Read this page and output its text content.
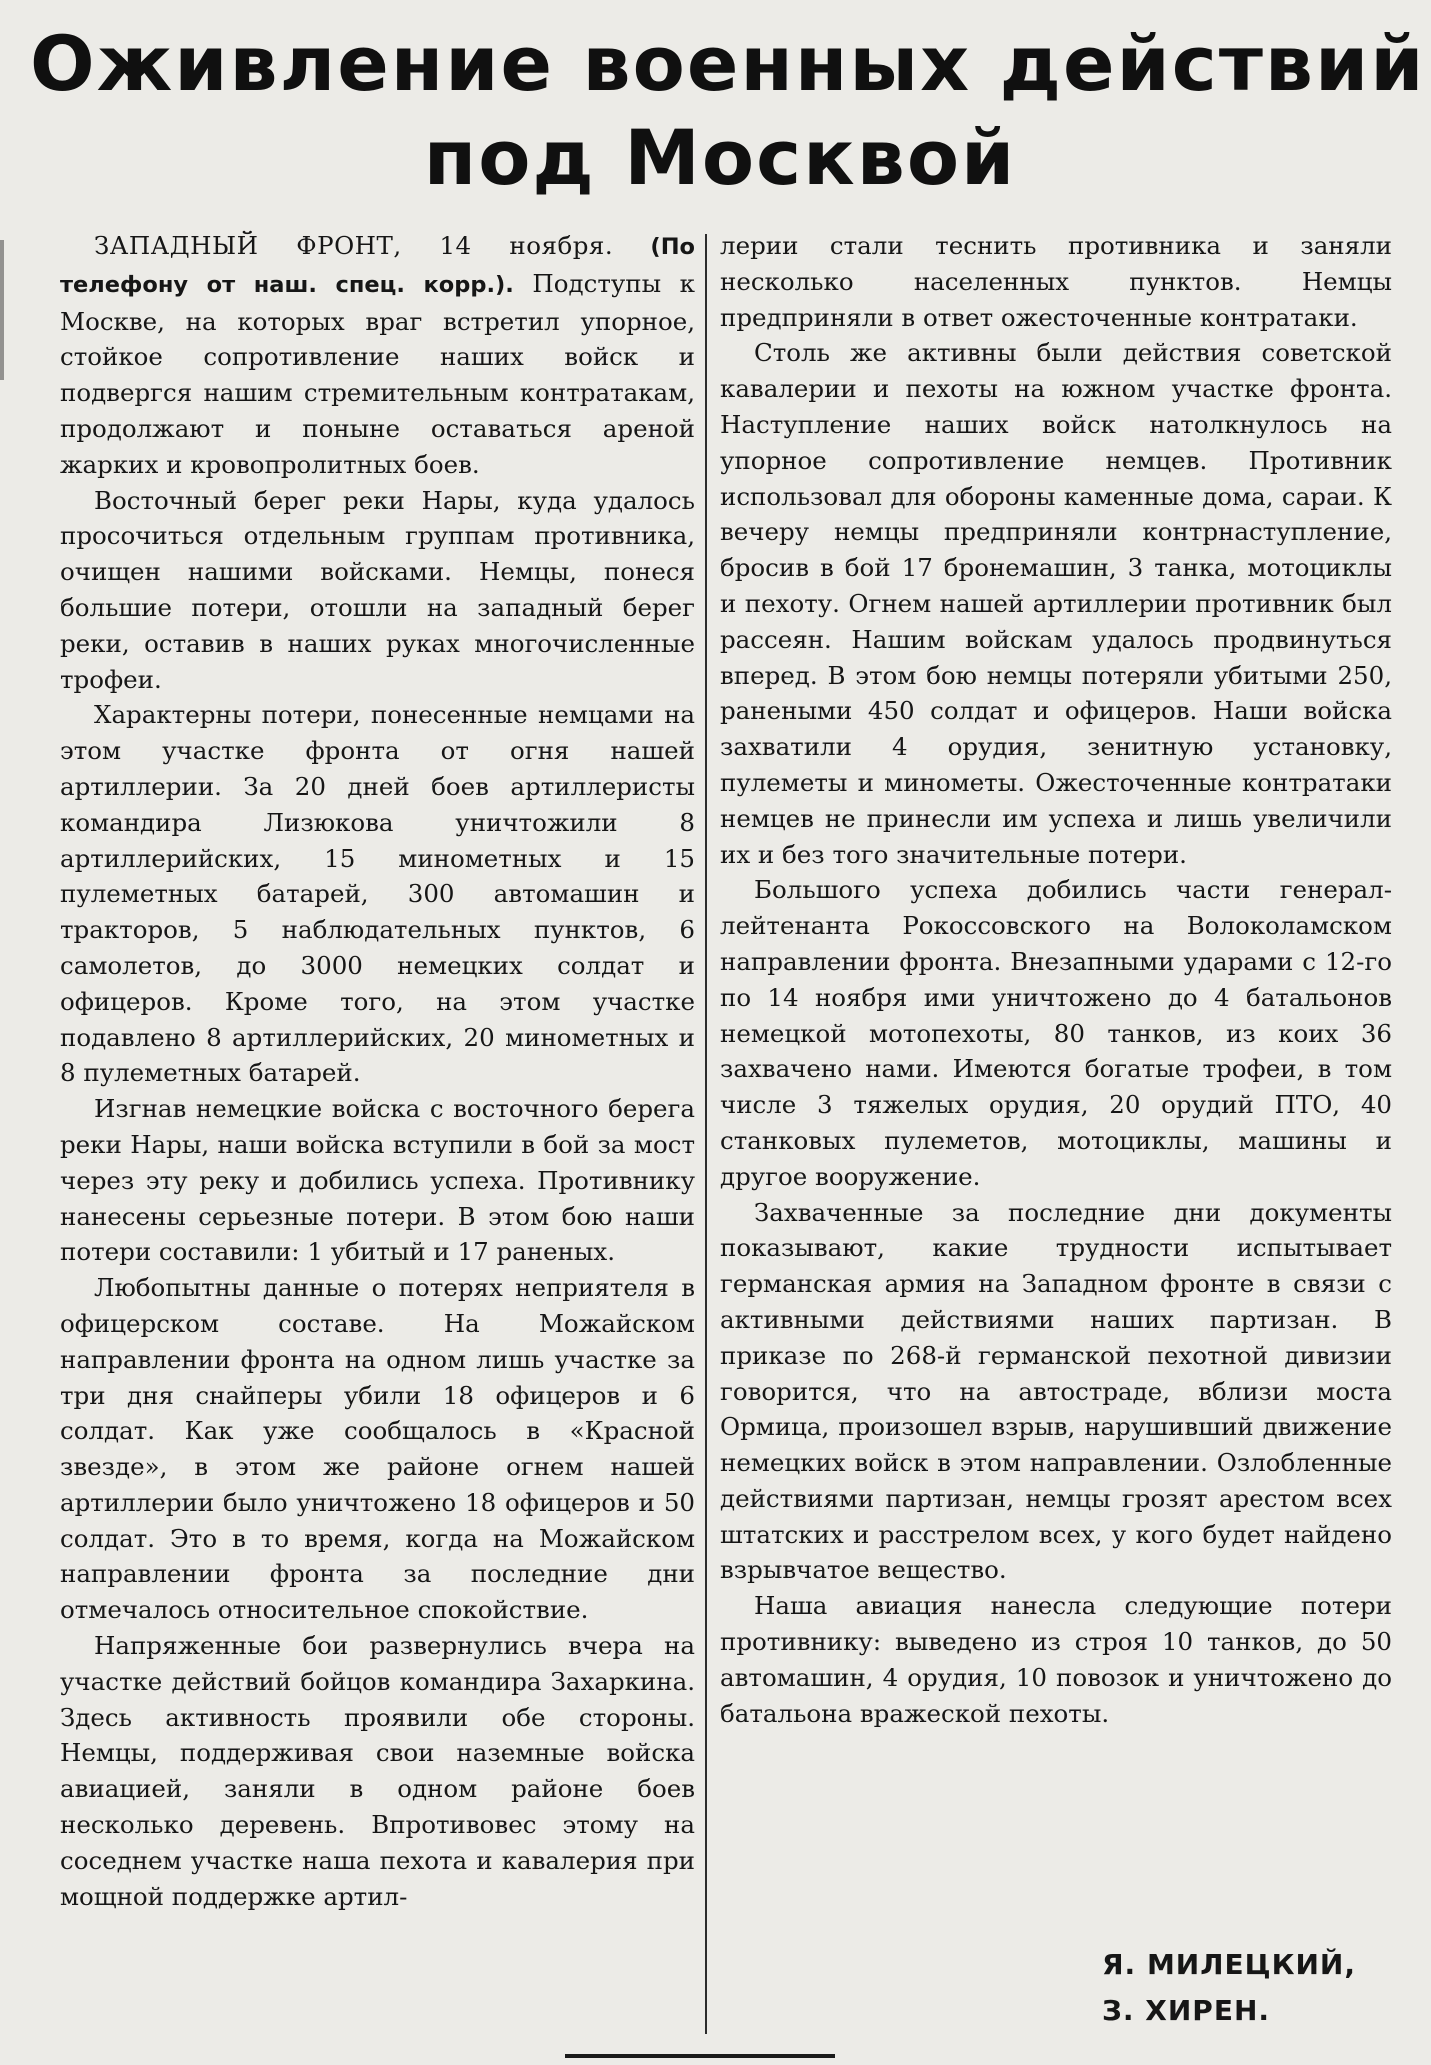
Оживление военных действий
под Москвой

ЗАПАДНЫЙ ФРОНТ, 14 ноября. (По телефону от наш. спец. корр.). Подступы к Москве, на которых враг встретил упорное, стойкое сопротивление наших войск и подвергся нашим стремительным контратакам, продолжают и поныне оставаться ареной жарких и кровопролитных боев.

Восточный берег реки Нары, куда удалось просочиться отдельным группам противника, очищен нашими войсками. Немцы, понеся большие потери, отошли на западный берег реки, оставив в наших руках многочисленные трофеи.

Характерны потери, понесенные немцами на этом участке фронта от огня нашей артиллерии. За 20 дней боев артиллеристы командира Лизюкова уничтожили 8 артиллерийских, 15 минометных и 15 пулеметных батарей, 300 автомашин и тракторов, 5 наблюдательных пунктов, 6 самолетов, до 3000 немецких солдат и офицеров. Кроме того, на этом участке подавлено 8 артиллерийских, 20 минометных и 8 пулеметных батарей.

Изгнав немецкие войска с восточного берега реки Нары, наши войска вступили в бой за мост через эту реку и добились успеха. Противнику нанесены серьезные потери. В этом бою наши потери составили: 1 убитый и 17 раненых.

Любопытны данные о потерях неприятеля в офицерском составе. На Можайском направлении фронта на одном лишь участке за три дня снайперы убили 18 офицеров и 6 солдат. Как уже сообщалось в «Красной звезде», в этом же районе огнем нашей артиллерии было уничтожено 18 офицеров и 50 солдат. Это в то время, когда на Можайском направлении фронта за последние дни отмечалось относительное спокойствие.

Напряженные бои развернулись вчера на участке действий бойцов командира Захаркина. Здесь активность проявили обе стороны. Немцы, поддерживая свои наземные войска авиацией, заняли в одном районе боев несколько деревень. Впротивовес этому на соседнем участке наша пехота и кавалерия при мощной поддержке артил-

лерии стали теснить противника и заняли несколько населенных пунктов. Немцы предприняли в ответ ожесточенные контратаки.

Столь же активны были действия советской кавалерии и пехоты на южном участке фронта. Наступление наших войск натолкнулось на упорное сопротивление немцев. Противник использовал для обороны каменные дома, сараи. К вечеру немцы предприняли контрнаступление, бросив в бой 17 бронемашин, 3 танка, мотоциклы и пехоту. Огнем нашей артиллерии противник был рассеян. Нашим войскам удалось продвинуться вперед. В этом бою немцы потеряли убитыми 250, ранеными 450 солдат и офицеров. Наши войска захватили 4 орудия, зенитную установку, пулеметы и минометы. Ожесточенные контратаки немцев не принесли им успеха и лишь увеличили их и без того значительные потери.

Большого успеха добились части генерал-лейтенанта Рокоссовского на Волоколамском направлении фронта. Внезапными ударами с 12-го по 14 ноября ими уничтожено до 4 батальонов немецкой мотопехоты, 80 танков, из коих 36 захвачено нами. Имеются богатые трофеи, в том числе 3 тяжелых орудия, 20 орудий ПТО, 40 станковых пулеметов, мотоциклы, машины и другое вооружение.

Захваченные за последние дни документы показывают, какие трудности испытывает германская армия на Западном фронте в связи с активными действиями наших партизан. В приказе по 268-й германской пехотной дивизии говорится, что на автостраде, вблизи моста Ормица, произошел взрыв, нарушивший движение немецких войск в этом направлении. Озлобленные действиями партизан, немцы грозят арестом всех штатских и расстрелом всех, у кого будет найдено взрывчатое вещество.

Наша авиация нанесла следующие потери противнику: выведено из строя 10 танков, до 50 автомашин, 4 орудия, 10 повозок и уничтожено до батальона вражеской пехоты.

Я. МИЛЕЦКИЙ,
З. ХИРЕН.
